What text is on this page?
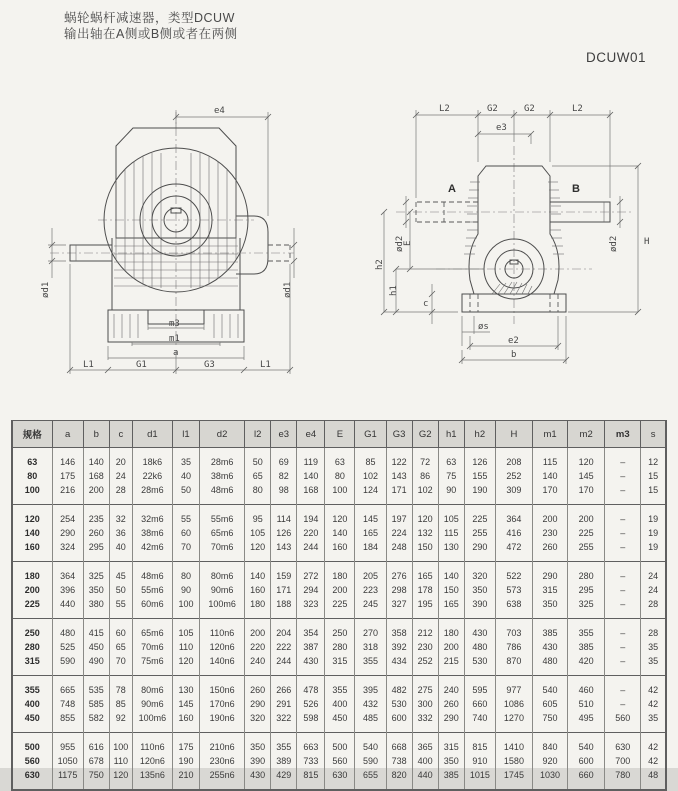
蜗轮蜗杆减速器，类型DCUW
输出轴在A侧或B侧或者在两侧
DCUW01
e4
ød1	ød1
m3
m1
a
L1	G1	G3	L1
A	B
L2	G2	G2	L2
e3
ød2	ød2
h2
E
h1
c
H
øs
e2
b
规格	a	b	c	d1	l1	d2	l2	e3	e4	E	G1	G3	G2	h1	h2	H	m1	m2	m3	s
63	146	140	20	18k6	35	28m6	50	69	119	63	85	122	72	63	126	208	115	120	–	12
80	175	168	24	22k6	40	38m6	65	82	140	80	102	143	86	75	155	252	140	145	–	15
100	216	200	28	28m6	50	48m6	80	98	168	100	124	171	102	90	190	309	170	170	–	15
120	254	235	32	32m6	55	55m6	95	114	194	120	145	197	120	105	225	364	200	200	–	19
140	290	260	36	38m6	60	65m6	105	126	220	140	165	224	132	115	255	416	230	225	–	19
160	324	295	40	42m6	70	70m6	120	143	244	160	184	248	150	130	290	472	260	255	–	19
180	364	325	45	48m6	80	80m6	140	159	272	180	205	276	165	140	320	522	290	280	–	24
200	396	350	50	55m6	90	90m6	160	171	294	200	223	298	178	150	350	573	315	295	–	24
225	440	380	55	60m6	100	100m6	180	188	323	225	245	327	195	165	390	638	350	325	–	28
250	480	415	60	65m6	105	110n6	200	204	354	250	270	358	212	180	430	703	385	355	–	28
280	525	450	65	70m6	110	120n6	220	222	387	280	318	392	230	200	480	786	430	385	–	35
315	590	490	70	75m6	120	140n6	240	244	430	315	355	434	252	215	530	870	480	420	–	35
355	665	535	78	80m6	130	150n6	260	266	478	355	395	482	275	240	595	977	540	460	–	42
400	748	585	85	90m6	145	170n6	290	291	526	400	432	530	300	260	660	1086	605	510	–	42
450	855	582	92	100m6	160	190n6	320	322	598	450	485	600	332	290	740	1270	750	495	560	35
500	955	616	100	110n6	175	210n6	350	355	663	500	540	668	365	315	815	1410	840	540	630	42
560	1050	678	110	120n6	190	230n6	390	389	733	560	590	738	400	350	910	1580	920	600	700	42
630	1175	750	120	135n6	210	255n6	430	429	815	630	655	820	440	385	1015	1745	1030	660	780	48
